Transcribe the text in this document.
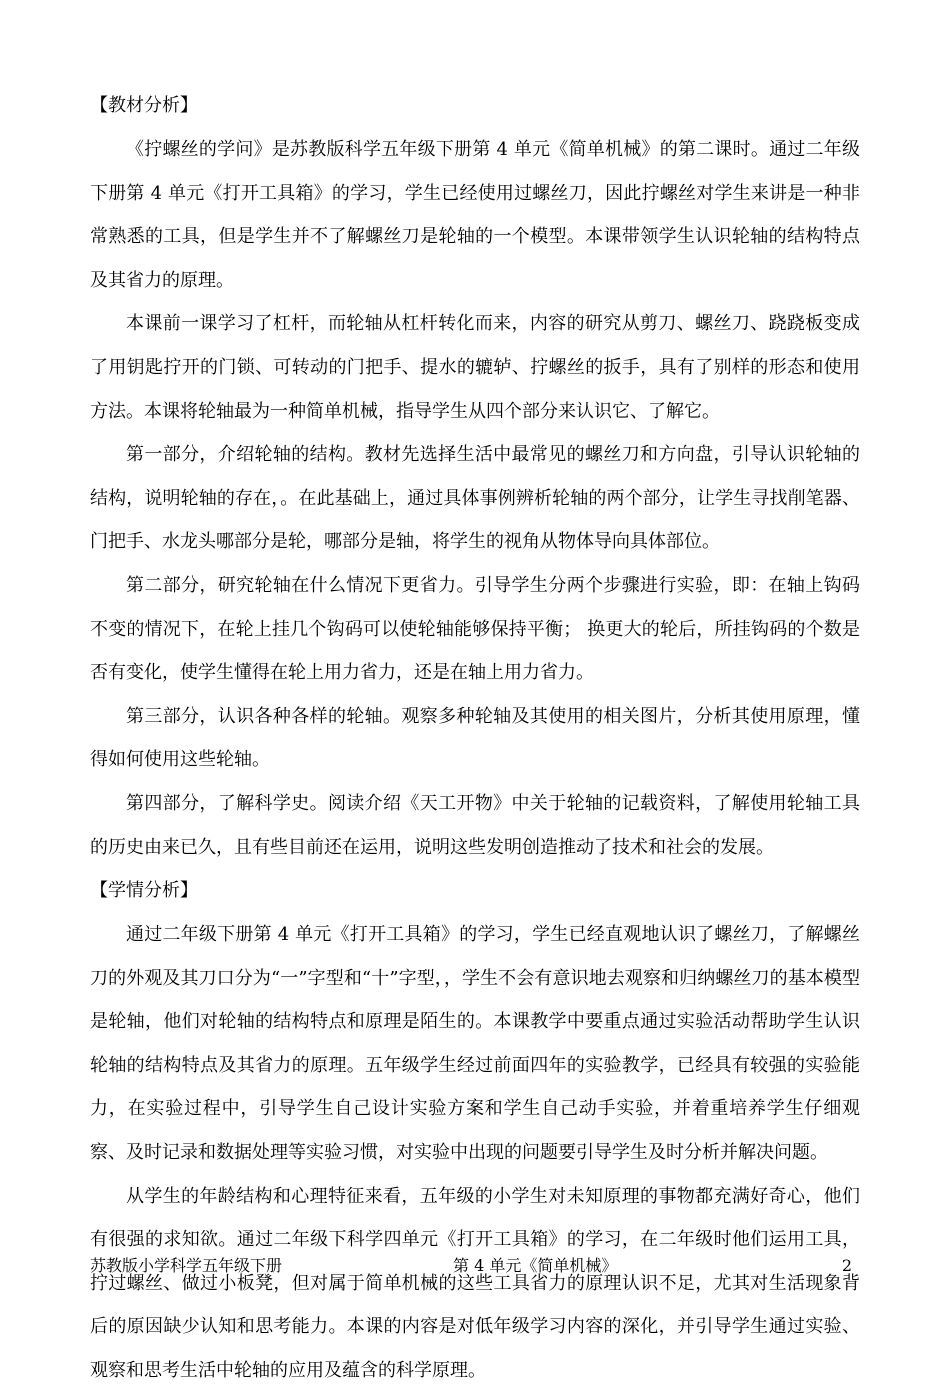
【教材分析】

《拧螺丝的学问》是苏教版科学五年级下册第 4 单元《简单机械》的第二课时。通过二年级下册第 4 单元《打开工具箱》的学习，学生已经使用过螺丝刀，因此拧螺丝对学生来讲是一种非常熟悉的工具，但是学生并不了解螺丝刀是轮轴的一个模型。本课带领学生认识轮轴的结构特点及其省力的原理。

本课前一课学习了杠杆，而轮轴从杠杆转化而来，内容的研究从剪刀、螺丝刀、跷跷板变成了用钥匙拧开的门锁、可转动的门把手、提水的辘轳、拧螺丝的扳手，具有了别样的形态和使用方法。本课将轮轴最为一种简单机械，指导学生从四个部分来认识它、了解它。

第一部分，介绍轮轴的结构。教材先选择生活中最常见的螺丝刀和方向盘，引导认识轮轴的结构，说明轮轴的存在，。在此基础上，通过具体事例辨析轮轴的两个部分，让学生寻找削笔器、门把手、水龙头哪部分是轮，哪部分是轴，将学生的视角从物体导向具体部位。

第二部分，研究轮轴在什么情况下更省力。引导学生分两个步骤进行实验，即：在轴上钩码不变的情况下，在轮上挂几个钩码可以使轮轴能够保持平衡； 换更大的轮后，所挂钩码的个数是否有变化，使学生懂得在轮上用力省力，还是在轴上用力省力。

第三部分，认识各种各样的轮轴。观察多种轮轴及其使用的相关图片，分析其使用原理，懂得如何使用这些轮轴。

第四部分，了解科学史。阅读介绍《天工开物》中关于轮轴的记载资料，了解使用轮轴工具的历史由来已久，且有些目前还在运用，说明这些发明创造推动了技术和社会的发展。

【学情分析】

通过二年级下册第 4 单元《打开工具箱》的学习，学生已经直观地认识了螺丝刀，了解螺丝刀的外观及其刀口分为“一”字型和“十”字型，，学生不会有意识地去观察和归纳螺丝刀的基本模型是轮轴，他们对轮轴的结构特点和原理是陌生的。本课教学中要重点通过实验活动帮助学生认识轮轴的结构特点及其省力的原理。五年级学生经过前面四年的实验教学，已经具有较强的实验能力，在实验过程中，引导学生自己设计实验方案和学生自己动手实验，并着重培养学生仔细观察、及时记录和数据处理等实验习惯，对实验中出现的问题要引导学生及时分析并解决问题。

从学生的年龄结构和心理特征来看，五年级的小学生对未知原理的事物都充满好奇心，他们有很强的求知欲。通过二年级下科学四单元《打开工具箱》的学习，在二年级时他们运用工具，拧过螺丝、做过小板凳，但对属于简单机械的这些工具省力的原理认识不足，尤其对生活现象背后的原因缺少认知和思考能力。本课的内容是对低年级学习内容的深化，并引导学生通过实验、观察和思考生活中轮轴的应用及蕴含的科学原理。

苏教版小学科学五年级下册	第 4 单元《简单机械》	2
